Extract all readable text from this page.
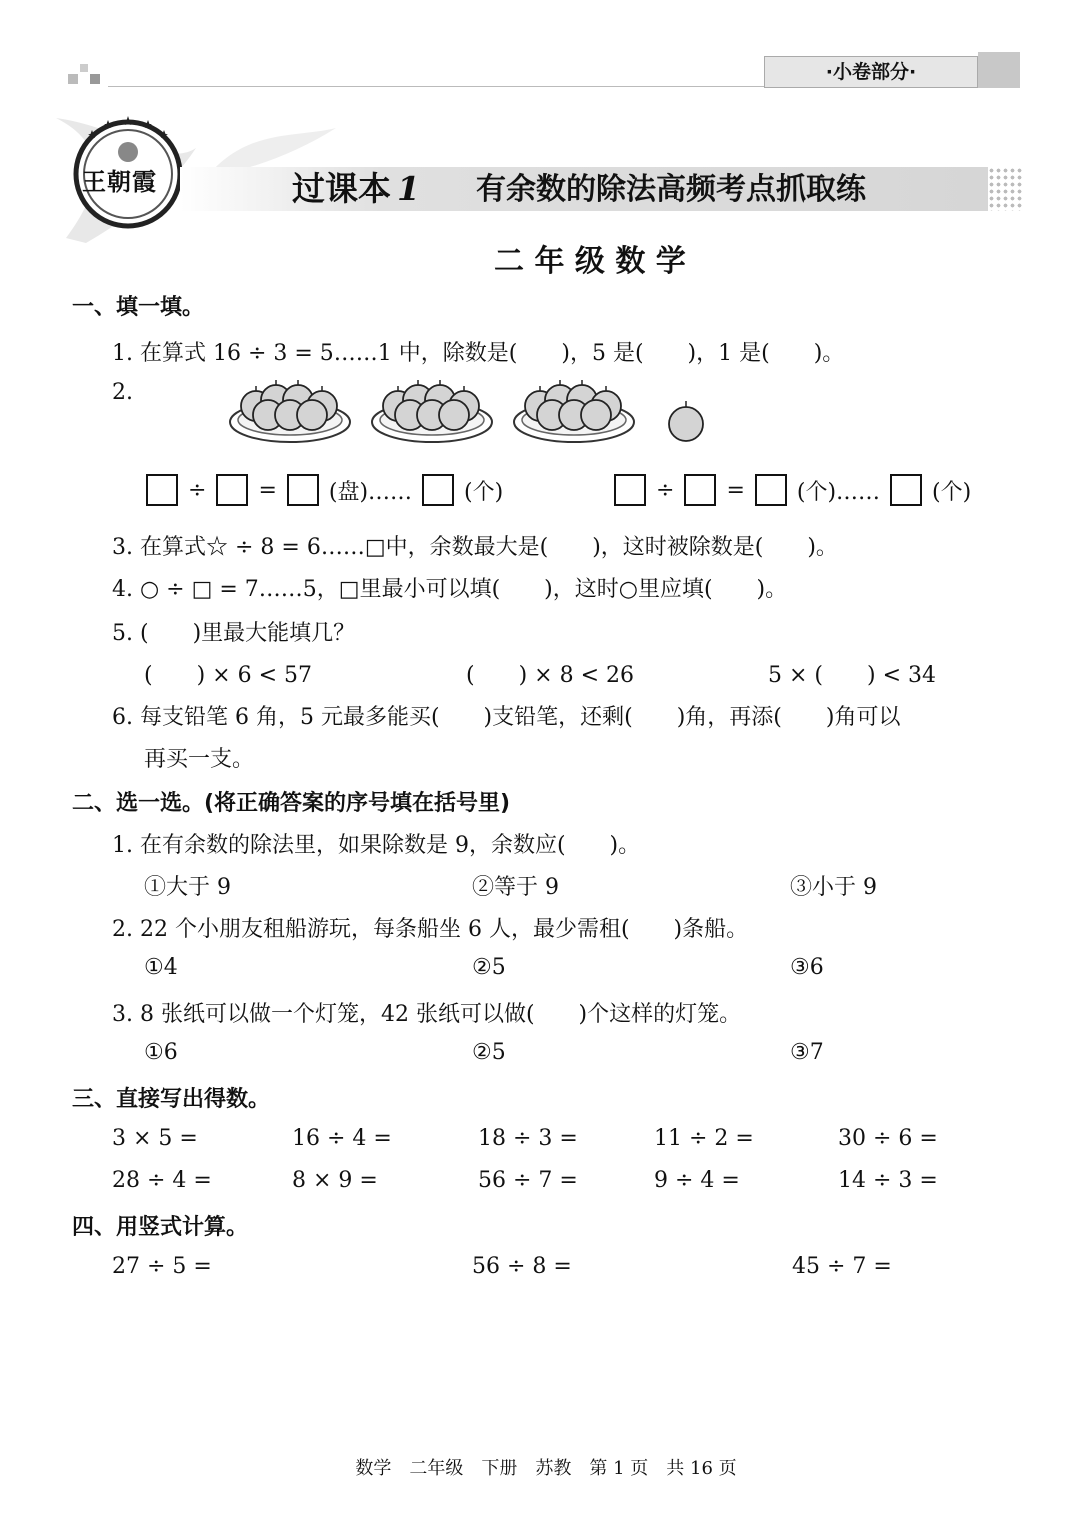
·小卷部分·
王朝霞	过课本 1 有余数的除法高频考点抓取练
二 年 级 数 学
一、填一填。
1. 在算式 16 ÷ 3 = 5……1 中，除数是(　　)，5 是(　　)，1 是(　　)。
2.
÷ = (盘)…… (个)	÷ = (个)…… (个)
3. 在算式☆ ÷ 8 = 6……□中，余数最大是(　　)，这时被除数是(　　)。
4. ○ ÷ □ = 7……5，□里最小可以填(　　)，这时○里应填(　　)。
5. (　　)里最大能填几？
(　　) × 6 < 57	(　　) × 8 < 26	5 × (　　) < 34
6. 每支铅笔 6 角，5 元最多能买(　　)支铅笔，还剩(　　)角，再添(　　)角可以
再买一支。
二、选一选。(将正确答案的序号填在括号里)
1. 在有余数的除法里，如果除数是 9，余数应(　　)。
①大于 9	②等于 9	③小于 9
2. 22 个小朋友租船游玩，每条船坐 6 人，最少需租(　　)条船。
①4	②5	③6
3. 8 张纸可以做一个灯笼，42 张纸可以做(　　)个这样的灯笼。
①6	②5	③7
三、直接写出得数。
3 × 5 =	16 ÷ 4 =	18 ÷ 3 =	11 ÷ 2 =	30 ÷ 6 =
28 ÷ 4 =	8 × 9 =	56 ÷ 7 =	9 ÷ 4 =	14 ÷ 3 =
四、用竖式计算。
27 ÷ 5 =	56 ÷ 8 =	45 ÷ 7 =
数学　二年级　下册　苏教　第 1 页　共 16 页
